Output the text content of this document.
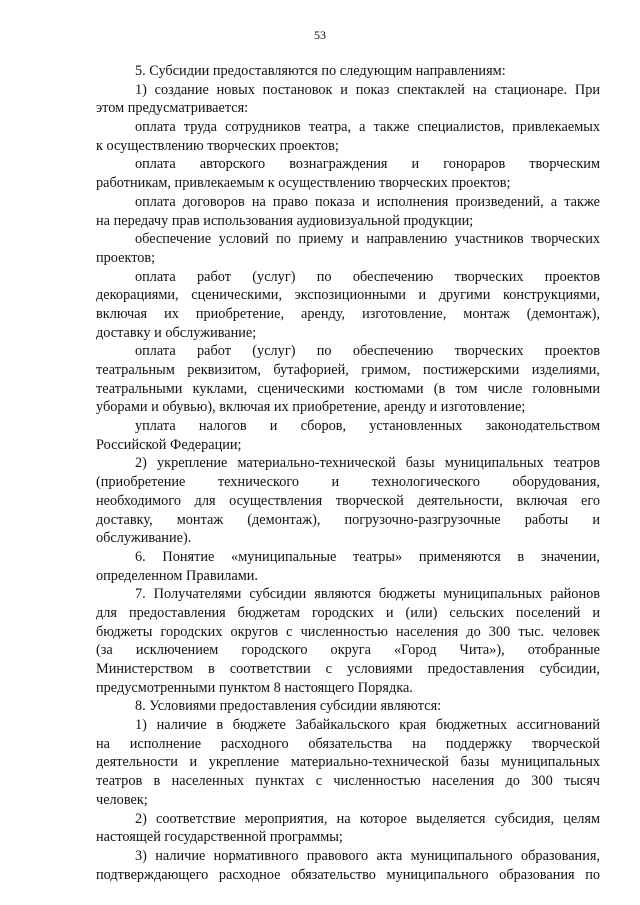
53
5. Субсидии предоставляются по следующим направлениям:
1) создание новых постановок и показ спектаклей на стационаре. При
этом предусматривается:
оплата труда сотрудников театра, а также специалистов, привлекаемых
к осуществлению творческих проектов;
оплата авторского вознаграждения и гонораров творческим
работникам, привлекаемым к осуществлению творческих проектов;
оплата договоров на право показа и исполнения произведений, а также
на передачу прав использования аудиовизуальной продукции;
обеспечение условий по приему и направлению участников творческих
проектов;
оплата работ (услуг) по обеспечению творческих проектов
декорациями, сценическими, экспозиционными и другими конструкциями,
включая их приобретение, аренду, изготовление, монтаж (демонтаж),
доставку и обслуживание;
оплата работ (услуг) по обеспечению творческих проектов
театральным реквизитом, бутафорией, гримом, постижерскими изделиями,
театральными куклами, сценическими костюмами (в том числе головными
уборами и обувью), включая их приобретение, аренду и изготовление;
уплата налогов и сборов, установленных законодательством
Российской Федерации;
2) укрепление материально-технической базы муниципальных театров
(приобретение технического и технологического оборудования,
необходимого для осуществления творческой деятельности, включая его
доставку, монтаж (демонтаж), погрузочно-разгрузочные работы и
обслуживание).
6. Понятие «муниципальные театры» применяются в значении,
определенном Правилами.
7. Получателями субсидии являются бюджеты муниципальных районов
для предоставления бюджетам городских и (или) сельских поселений и
бюджеты городских округов с численностью населения до 300 тыс. человек
(за исключением городского округа «Город Чита»), отобранные
Министерством в соответствии с условиями предоставления субсидии,
предусмотренными пунктом 8 настоящего Порядка.
8. Условиями предоставления субсидии являются:
1) наличие в бюджете Забайкальского края бюджетных ассигнований
на исполнение расходного обязательства на поддержку творческой
деятельности и укрепление материально-технической базы муниципальных
театров в населенных пунктах с численностью населения до 300 тысяч
человек;
2) соответствие мероприятия, на которое выделяется субсидия, целям
настоящей государственной программы;
3) наличие нормативного правового акта муниципального образования,
подтверждающего расходное обязательство муниципального образования по
